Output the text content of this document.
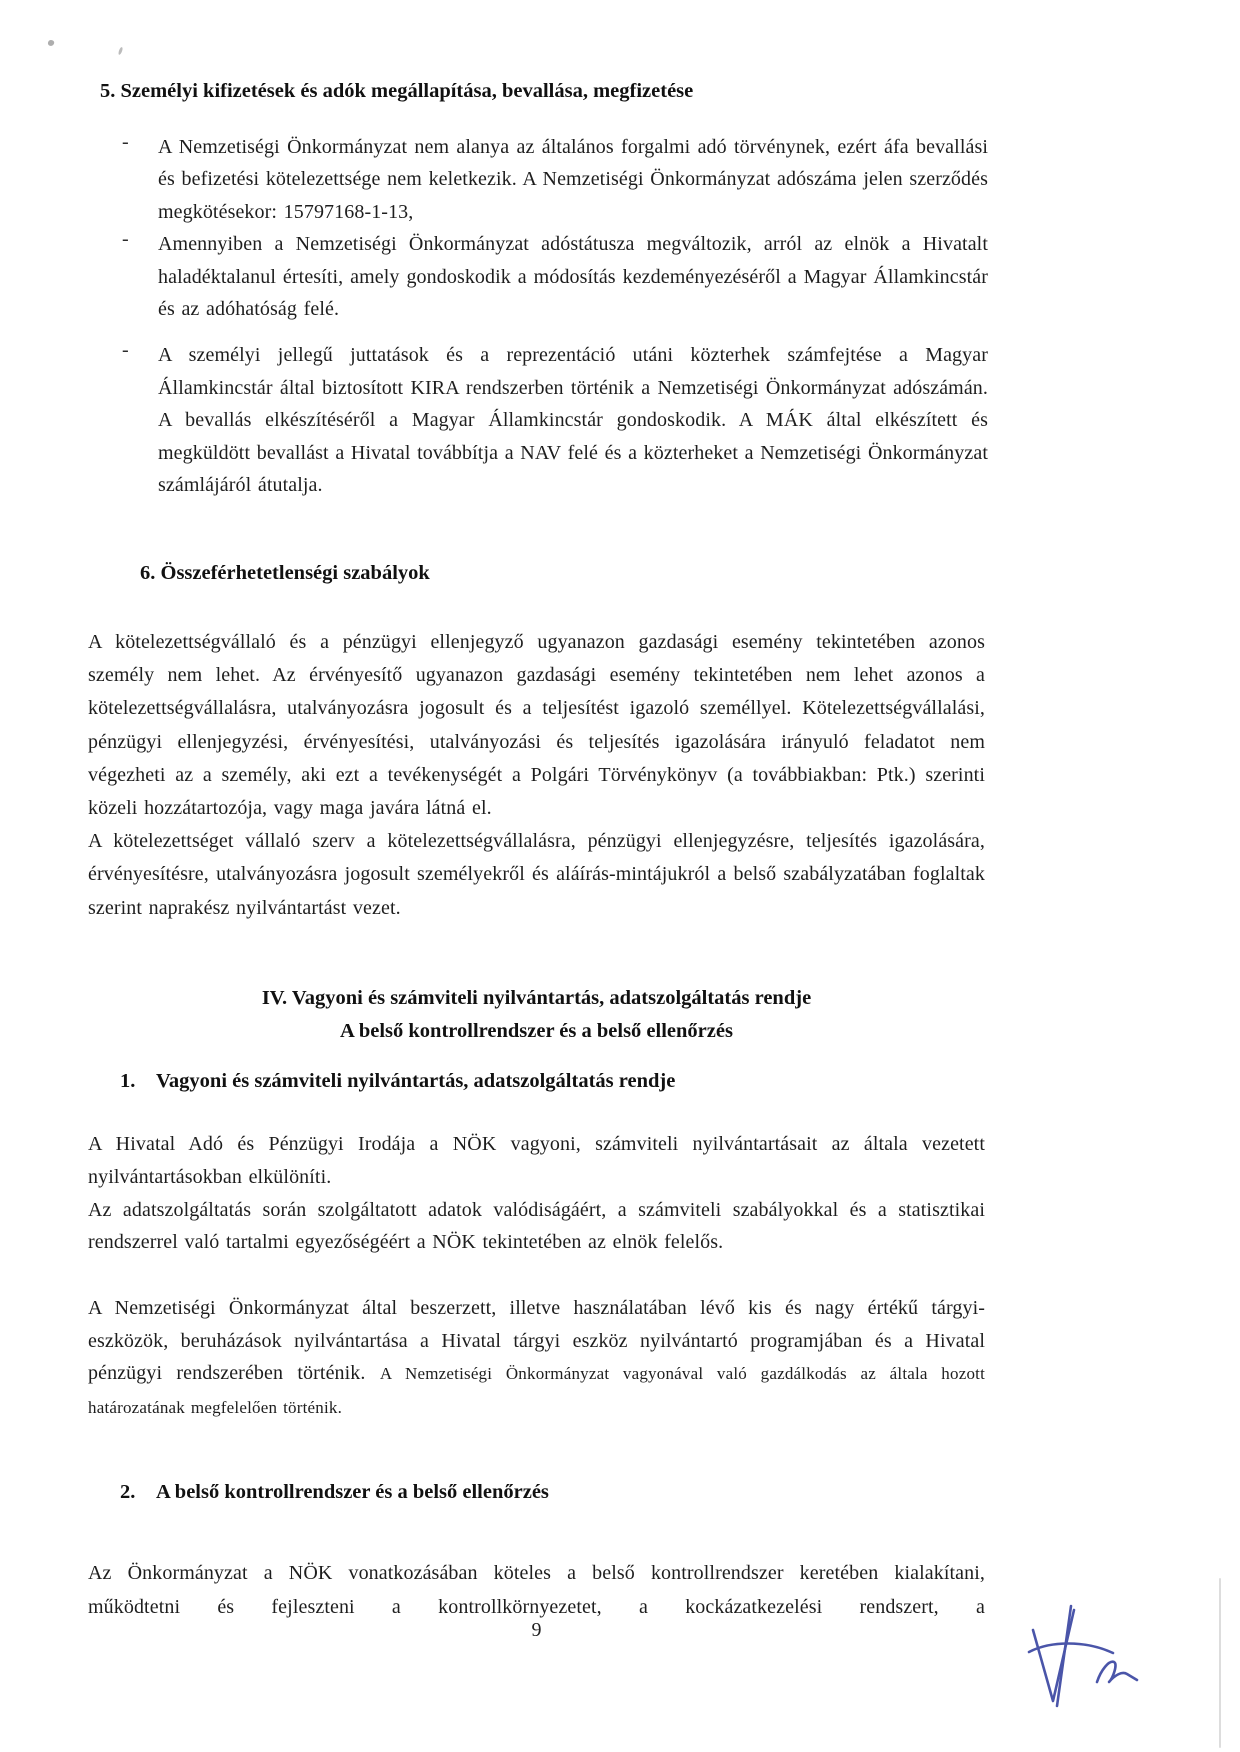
5. Személyi kifizetések és adók megállapítása, bevallása, megfizetése
-	A Nemzetiségi Önkormányzat nem alanya az általános forgalmi adó törvénynek, ezért áfa bevallási és befizetési kötelezettsége nem keletkezik. A Nemzetiségi Önkormányzat adószáma jelen szerződés megkötésekor: 15797168-1-13,

-	Amennyiben a Nemzetiségi Önkormányzat adóstátusza megváltozik, arról az elnök a Hivatalt haladéktalanul értesíti, amely gondoskodik a módosítás kezdeményezéséről a Magyar Államkincstár és az adóhatóság felé.

-	A személyi jellegű juttatások és a reprezentáció utáni közterhek számfejtése a Magyar Államkincstár által biztosított KIRA rendszerben történik a Nemzetiségi Önkormányzat adószámán. A bevallás elkészítéséről a Magyar Államkincstár gondoskodik. A MÁK által elkészített és megküldött bevallást a Hivatal továbbítja a NAV felé és a közterheket a Nemzetiségi Önkormányzat számlájáról átutalja.

6. Összeférhetetlenségi szabályok

A kötelezettségvállaló és a pénzügyi ellenjegyző ugyanazon gazdasági esemény tekintetében azonos személy nem lehet. Az érvényesítő ugyanazon gazdasági esemény tekintetében nem lehet azonos a kötelezettségvállalásra, utalványozásra jogosult és a teljesítést igazoló személlyel. Kötelezettségvállalási, pénzügyi ellenjegyzési, érvényesítési, utalványozási és teljesítés igazolására irányuló feladatot nem végezheti az a személy, aki ezt a tevékenységét a Polgári Törvénykönyv (a továbbiakban: Ptk.) szerinti közeli hozzátartozója, vagy maga javára látná el.

A kötelezettséget vállaló szerv a kötelezettségvállalásra, pénzügyi ellenjegyzésre, teljesítés igazolására, érvényesítésre, utalványozásra jogosult személyekről és aláírás-mintájukról a belső szabályzatában foglaltak szerint naprakész nyilvántartást vezet.

IV. Vagyoni és számviteli nyilvántartás, adatszolgáltatás rendje
A belső kontrollrendszer és a belső ellenőrzés
1.	Vagyoni és számviteli nyilvántartás, adatszolgáltatás rendje

A Hivatal Adó és Pénzügyi Irodája a NÖK vagyoni, számviteli nyilvántartásait az általa vezetett nyilvántartásokban elkülöníti.

Az adatszolgáltatás során szolgáltatott adatok valódiságáért, a számviteli szabályokkal és a statisztikai rendszerrel való tartalmi egyezőségéért a NÖK tekintetében az elnök felelős.

A Nemzetiségi Önkormányzat által beszerzett, illetve használatában lévő kis és nagy értékű tárgyi-eszközök, beruházások nyilvántartása a Hivatal tárgyi eszköz nyilvántartó programjában és a Hivatal pénzügyi rendszerében történik. A Nemzetiségi Önkormányzat vagyonával való gazdálkodás az általa hozott határozatának megfelelően történik.

2.	A belső kontrollrendszer és a belső ellenőrzés

Az Önkormányzat a NÖK vonatkozásában köteles a belső kontrollrendszer keretében kialakítani, működtetni és fejleszteni a kontrollkörnyezetet, a kockázatkezelési rendszert, a

9
